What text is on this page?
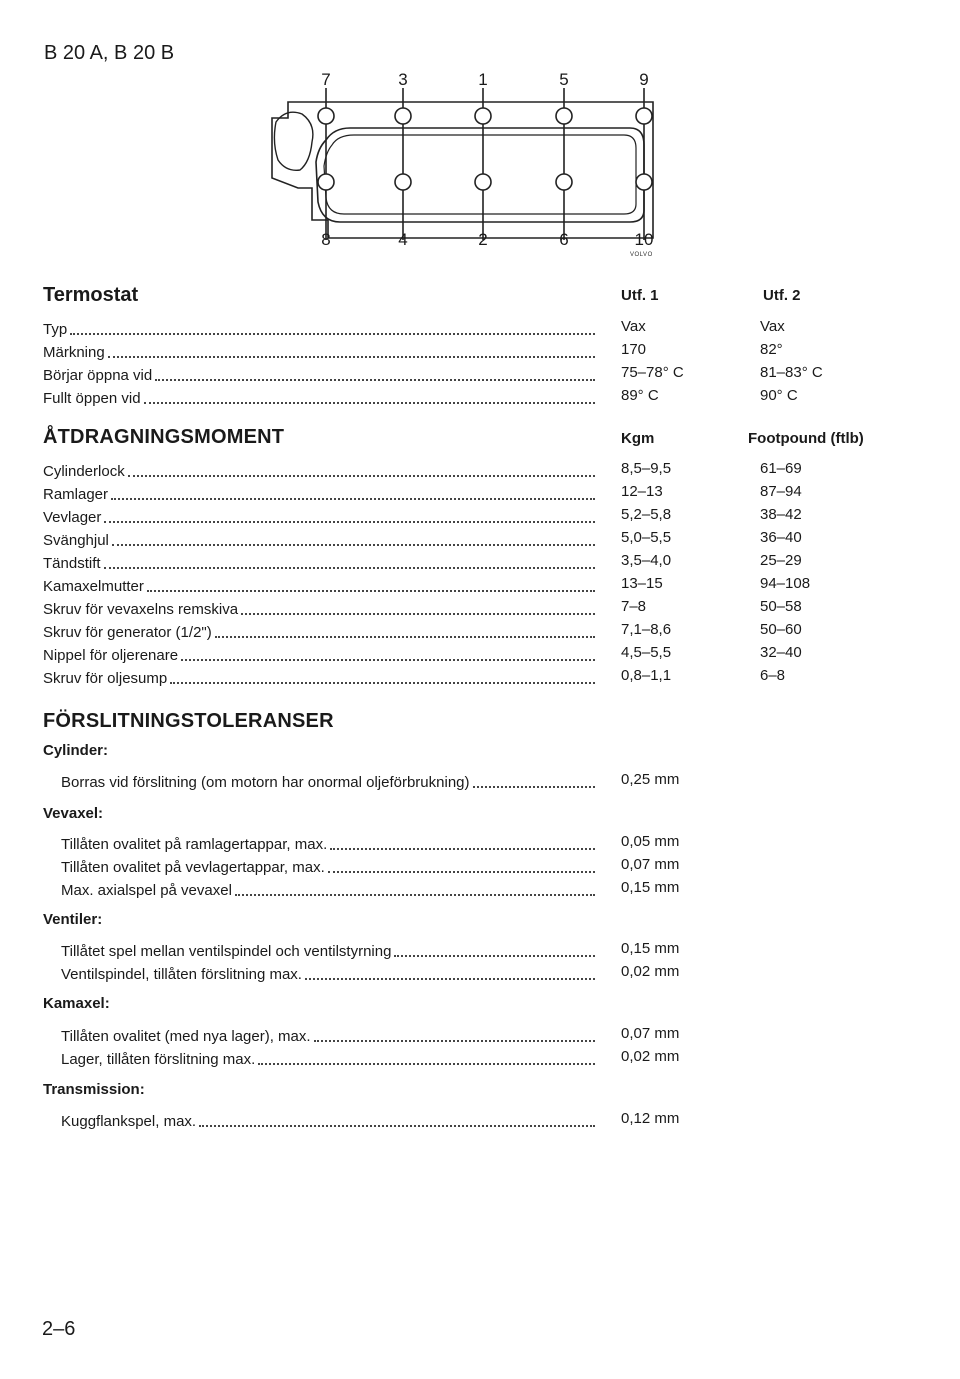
B 20 A, B 20 B
7	3	1	5	9
8	4	2	6	10
VOLVO
Termostat	Utf. 1	Utf. 2
Typ	Vax	Vax
Märkning	170	82°
Börjar öppna vid	75–78° C	81–83° C
Fullt öppen vid	89° C	90° C
ÅTDRAGNINGSMOMENT	Kgm	Footpound (ftlb)
Cylinderlock	8,5–9,5	61–69
Ramlager	12–13	87–94
Vevlager	5,2–5,8	38–42
Svänghjul	5,0–5,5	36–40
Tändstift	3,5–4,0	25–29
Kamaxelmutter	13–15	94–108
Skruv för vevaxelns remskiva	7–8	50–58
Skruv för generator (1/2")	7,1–8,6	50–60
Nippel för oljerenare	4,5–5,5	32–40
Skruv för oljesump	0,8–1,1	6–8
FÖRSLITNINGSTOLERANSER
Cylinder:
Borras vid förslitning (om motorn har onormal oljeförbrukning)	0,25 mm
Vevaxel:
Tillåten ovalitet på ramlagertappar, max.	0,05 mm
Tillåten ovalitet på vevlagertappar, max.	0,07 mm
Max. axialspel på vevaxel	0,15 mm
Ventiler:
Tillåtet spel mellan ventilspindel och ventilstyrning	0,15 mm
Ventilspindel, tillåten förslitning max.	0,02 mm
Kamaxel:
Tillåten ovalitet (med nya lager), max.	0,07 mm
Lager, tillåten förslitning max.	0,02 mm
Transmission:
Kuggflankspel, max.	0,12 mm
2–6
